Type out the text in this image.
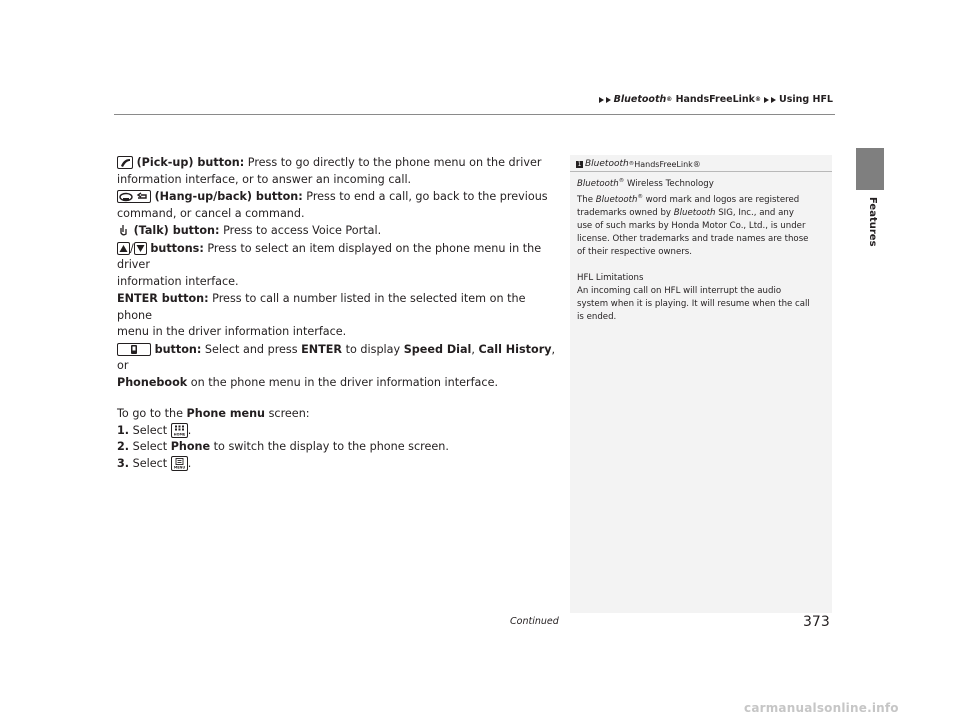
Bluetooth ®
HandsFreeLink ® Using HFL
Features

(Pick-up) button: Press to go directly to the phone menu on the driver
information interface, or to answer an incoming call.

(Hang-up/back) button: Press to end a call, go back to the previous
command, or cancel a command.

(Talk) button: Press to access Voice Portal.

/ buttons: Press to select an item displayed on the phone menu in the driver
information interface.

ENTER button: Press to call a number listed in the selected item on the phone
menu in the driver information interface.

button: Select and press ENTER to display Speed Dial, Call History, or
Phonebook on the phone menu in the driver information interface.

To go to the Phone menu screen:

1. Select HOME .

2. Select Phone to switch the display to the phone screen.

3. Select MENU .

1 Bluetooth ® HandsFreeLink ®

Bluetooth® Wireless Technology

The Bluetooth® word mark and logos are registered

trademarks owned by Bluetooth SIG, Inc., and any

use of such marks by Honda Motor Co., Ltd., is under

license. Other trademarks and trade names are those

of their respective owners.

HFL Limitations

An incoming call on HFL will interrupt the audio

system when it is playing. It will resume when the call

is ended.

Continued	373
carmanualsonline.info
